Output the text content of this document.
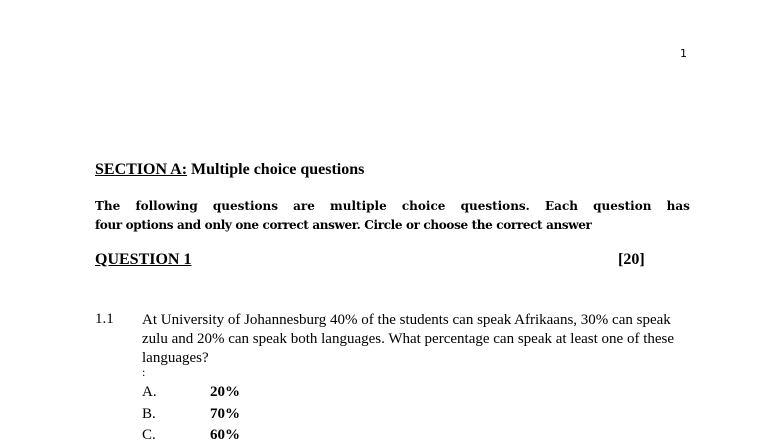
1
SECTION A: Multiple choice questions
The following questions are multiple choice questions. Each question has
four options and only one correct answer. Circle or choose the correct answer
QUESTION 1	[20]
1.1 At University of Johannesburg 40% of the students can speak Afrikaans, 30% can speak zulu and 20% can speak both languages. What percentage can speak at least one of these languages?
:
A.	20%
B.	70%
C.	60%
